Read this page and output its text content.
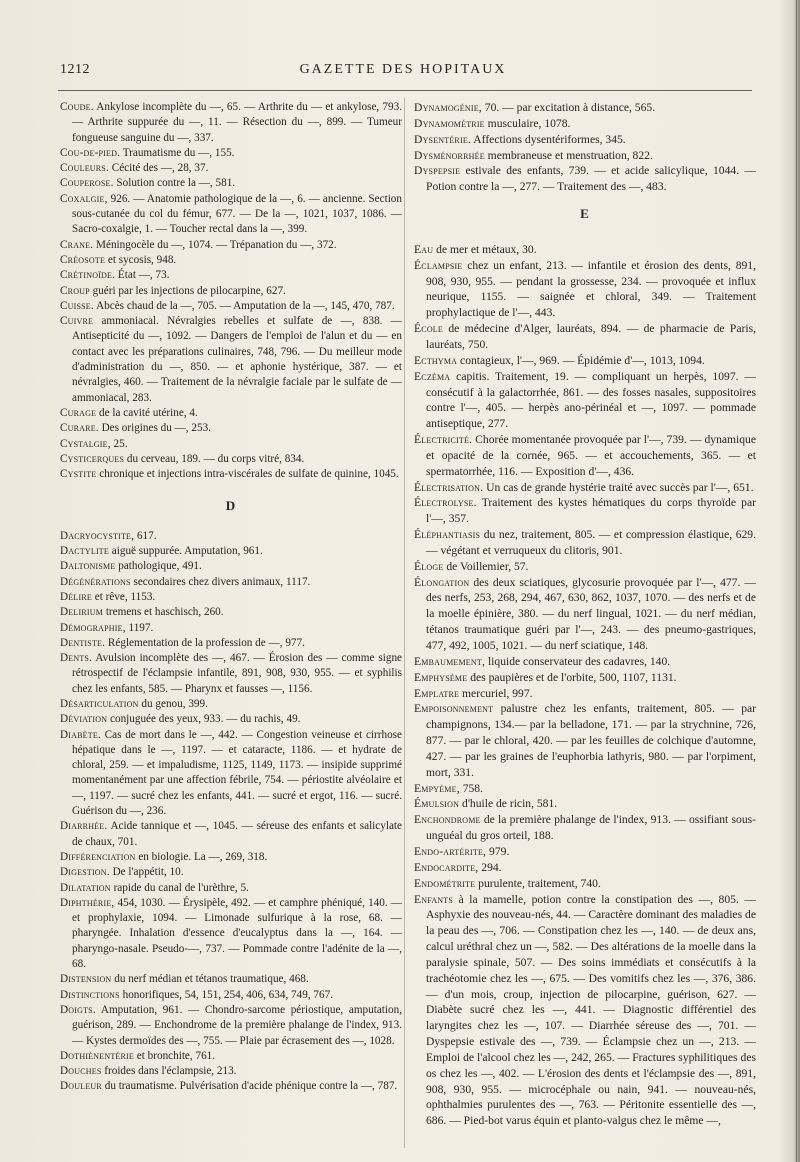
1212	GAZETTE DES HOPITAUX

Coude. Ankylose incomplète du —, 65. — Arthrite du — et ankylose, 793. — Arthrite suppurée du —, 11. — Résection du —, 899. — Tumeur fongueuse sanguine du —, 337.

Cou-de-pied. Traumatisme du —, 155.

Couleurs. Cécité des —, 28, 37.

Couperose. Solution contre la —, 581.

Coxalgie, 926. — Anatomie pathologique de la —, 6. — ancienne. Section sous-cutanée du col du fémur, 677. — De la —, 1021, 1037, 1086. — Sacro-coxalgie, 1. — Toucher rectal dans la —, 399.

Crane. Méningocèle du —, 1074. — Trépanation du —, 372.

Créosote et sycosis, 948.

Crétinoïde. État —, 73.

Croup guéri par les injections de pilocarpine, 627.

Cuisse. Abcès chaud de la —, 705. — Amputation de la —, 145, 470, 787.

Cuivre ammoniacal. Névralgies rebelles et sulfate de —, 838. — Antisepticité du —, 1092. — Dangers de l'emploi de l'alun et du — en contact avec les préparations culinaires, 748, 796. — Du meilleur mode d'administration du —, 850. — et aphonie hystérique, 387. — et névralgies, 460. — Traitement de la névralgie faciale par le sulfate de — ammoniacal, 283.

Curage de la cavité utérine, 4.

Curare. Des origines du —, 253.

Cystalgie, 25.

Cysticerques du cerveau, 189. — du corps vitré, 834.

Cystite chronique et injections intra-viscérales de sulfate de quinine, 1045.

D

Dacryocystite, 617.

Dactylite aiguë suppurée. Amputation, 961.

Daltonisme pathologique, 491.

Dégénérations secondaires chez divers animaux, 1117.

Délire et rêve, 1153.

Delirium tremens et haschisch, 260.

Démographie, 1197.

Dentiste. Réglementation de la profession de —, 977.

Dents. Avulsion incomplète des —, 467. — Érosion des — comme signe rétrospectif de l'éclampsie infantile, 891, 908, 930, 955. — et syphilis chez les enfants, 585. — Pharynx et fausses —, 1156.

Désarticulation du genou, 399.

Déviation conjuguée des yeux, 933. — du rachis, 49.

Diabète. Cas de mort dans le —, 442. — Congestion veineuse et cirrhose hépatique dans le —, 1197. — et cataracte, 1186. — et hydrate de chloral, 259. — et impaludisme, 1125, 1149, 1173. — insipide supprimé momentanément par une affection fébrile, 754. — périostite alvéolaire et —, 1197. — sucré chez les enfants, 441. — sucré et ergot, 116. — sucré. Guérison du —, 236.

Diarrhée. Acide tannique et —, 1045. — séreuse des enfants et salicylate de chaux, 701.

Différenciation en biologie. La —, 269, 318.

Digestion. De l'appétit, 10.

Dilatation rapide du canal de l'urèthre, 5.

Diphthérie, 454, 1030. — Érysipèle, 492. — et camphre phéniqué, 140. — et prophylaxie, 1094. — Limonade sulfurique à la rose, 68. — pharyngée. Inhalation d'essence d'eucalyptus dans la —, 164. — pharyngo-nasale. Pseudo-—, 737. — Pommade contre l'adénite de la —, 68.

Distension du nerf médian et tétanos traumatique, 468.

Distinctions honorifiques, 54, 151, 254, 406, 634, 749, 767.

Doigts. Amputation, 961. — Chondro-sarcome périostique, amputation, guérison, 289. — Enchondrome de la première phalange de l'index, 913. — Kystes dermoïdes des —, 755. — Plaie par écrasement des —, 1028.

Dothiénentérie et bronchite, 761.

Douches froides dans l'éclampsie, 213.

Douleur du traumatisme. Pulvérisation d'acide phénique contre la —, 787.

Dynamogénie, 70. — par excitation à distance, 565.

Dynamométrie musculaire, 1078.

Dysentérie. Affections dysentériformes, 345.

Dysménorrhée membraneuse et menstruation, 822.

Dyspepsie estivale des enfants, 739. — et acide salicylique, 1044. — Potion contre la —, 277. — Traitement des —, 483.

E

Eau de mer et métaux, 30.

Éclampsie chez un enfant, 213. — infantile et érosion des dents, 891, 908, 930, 955. — pendant la grossesse, 234. — provoquée et influx neurique, 1155. — saignée et chloral, 349. — Traitement prophylactique de l'—, 443.

École de médecine d'Alger, lauréats, 894. — de pharmacie de Paris, lauréats, 750.

Ecthyma contagieux, l'—, 969. — Épidémie d'—, 1013, 1094.

Eczéma capitis. Traitement, 19. — compliquant un herpès, 1097. — consécutif à la galactorrhée, 861. — des fosses nasales, suppositoires contre l'—, 405. — herpès ano-périnéal et —, 1097. — pommade antiseptique, 277.

Électricité. Chorée momentanée provoquée par l'—, 739. — dynamique et opacité de la cornée, 965. — et accouchements, 365. — et spermatorrhée, 116. — Exposition d'—, 436.

Électrisation. Un cas de grande hystérie traité avec succès par l'—, 651.

Électrolyse. Traitement des kystes hématiques du corps thyroïde par l'—, 357.

Éléphantiasis du nez, traitement, 805. — et compression élastique, 629. — végétant et verruqueux du clitoris, 901.

Éloge de Voillemier, 57.

Élongation des deux sciatiques, glycosurie provoquée par l'—, 477. — des nerfs, 253, 268, 294, 467, 630, 862, 1037, 1070. — des nerfs et de la moelle épinière, 380. — du nerf lingual, 1021. — du nerf médian, tétanos traumatique guéri par l'—, 243. — des pneumo-gastriques, 477, 492, 1005, 1021. — du nerf sciatique, 148.

Embaumement, liquide conservateur des cadavres, 140.

Emphysème des paupières et de l'orbite, 500, 1107, 1131.

Emplatre mercuriel, 997.

Empoisonnement palustre chez les enfants, traitement, 805. — par champignons, 134.— par la belladone, 171. — par la strychnine, 726, 877. — par le chloral, 420. — par les feuilles de colchique d'automne, 427. — par les graines de l'euphorbia lathyris, 980. — par l'orpiment, mort, 331.

Empyème, 758.

Émulsion d'huile de ricin, 581.

Enchondrome de la première phalange de l'index, 913. — ossifiant sous-unguéal du gros orteil, 188.

Endo-artérite, 979.

Endocardite, 294.

Endométrite purulente, traitement, 740.

Enfants à la mamelle, potion contre la constipation des —, 805. — Asphyxie des nouveau-nés, 44. — Caractère dominant des maladies de la peau des —, 706. — Constipation chez les —, 140. — de deux ans, calcul uréthral chez un —, 582. — Des altérations de la moelle dans la paralysie spinale, 507. — Des soins immédiats et consécutifs à la trachéotomie chez les —, 675. — Des vomitifs chez les —, 376, 386. — d'un mois, croup, injection de pilocarpine, guérison, 627. — Diabète sucré chez les —, 441. — Diagnostic différentiel des laryngites chez les —, 107. — Diarrhée séreuse des —, 701. — Dyspepsie estivale des —, 739. — Éclampsie chez un —, 213. — Emploi de l'alcool chez les —, 242, 265. — Fractures syphilitiques des os chez les —, 402. — L'érosion des dents et l'éclampsie des —, 891, 908, 930, 955. — microcéphale ou nain, 941. — nouveau-nés, ophthalmies purulentes des —, 763. — Péritonite essentielle des —, 686. — Pied-bot varus équin et planto-valgus chez le même —,
